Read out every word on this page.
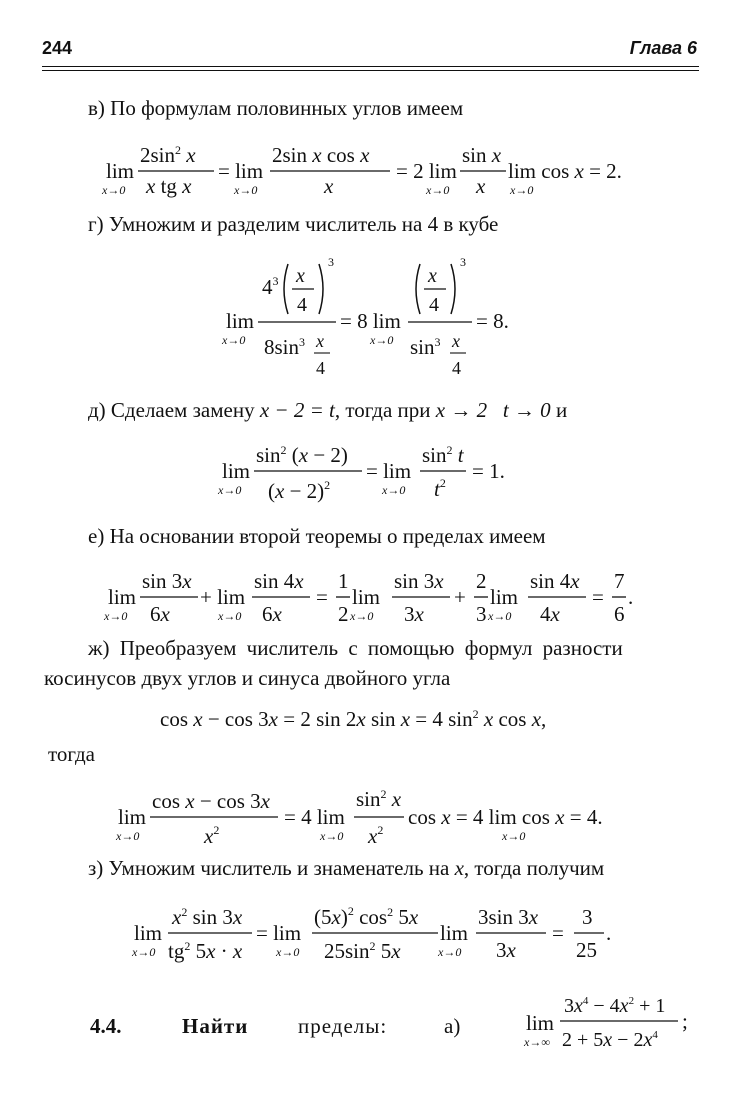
244	Глава 6
в) По формулам половинных углов имеем
lim
x→0
$2\sin^2$ x
x tg x
= lim
x→0
2sin x cos x
x
= 2 lim
x→0
sin x
x
lim cos x = 2.
x→0
г) Умножим и разделим числитель на 4 в кубе
$4^3$ x
4
3
lim
x→0 $8\sin^3$ x
4
= 8 lim
x→0
x
4
3
$\sin^3 x$
4
= 8.
д) Сделаем замену x − 2 = t, тогда при x → 2   t → 0 и
lim
x→0
$\sin^2 (x - 2)$
$(x - 2)^2$
= lim
x→0
$\sin^2 t$
$t^2 = 1$.
е) На основании второй теоремы о пределах имеем
lim
x→0
sin 3x
6x
+ lim
x→0
sin 4x
6x
=
1
2
lim
x→0
sin 3x
3x
+
2
3
lim
x→0
sin 4x
4x
=
7
6
.
ж) Преобразуем числитель с помощью формул разности
косинусов двух углов и синуса двойного угла
cos x − cos 3x = 2 sin 2x sin x = 4 $\sin^2 x$ cos x,
тогда
lim
x→0
cos x − cos 3x
$x^2$
= 4 lim
x→0
$\sin^2 x$
$x^2$
cos x = 4 lim cos x = 4.
x→0
з) Умножим числитель и знаменатель на x, тогда получим
lim
x→0
$x^2$ sin 3x
$tg^2$ 5x · x
= lim
x→0
$(5x)^2$ $\cos^2 5x$
$25\sin^2$ 5x
lim
x→0
3sin 3x
3x
=
3
25
.
4.4.	Найти пределы:	а)	lim
x→∞
$3x^4 - 4x^2 + 1$
$2 + 5x - 2x^4$
;
